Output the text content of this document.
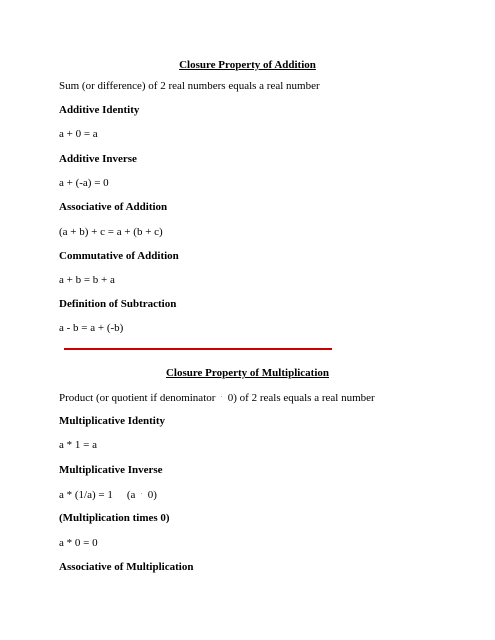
Closure Property of Addition
Sum (or difference) of 2 real numbers equals a real number
Additive Identity
a + 0 = a
Additive Inverse
a + (-a) = 0
Associative of Addition
(a + b) + c = a + (b + c)
Commutative of Addition
a + b = b + a
Definition of Subtraction
a - b = a + (-b)
Closure Property of Multiplication
Product (or quotient if denominator · 0) of 2 reals equals a real number
Multiplicative Identity
a * 1 = a
Multiplicative Inverse
a * (1/a) = 1 (a · 0)
(Multiplication times 0)
a * 0 = 0
Associative of Multiplication
